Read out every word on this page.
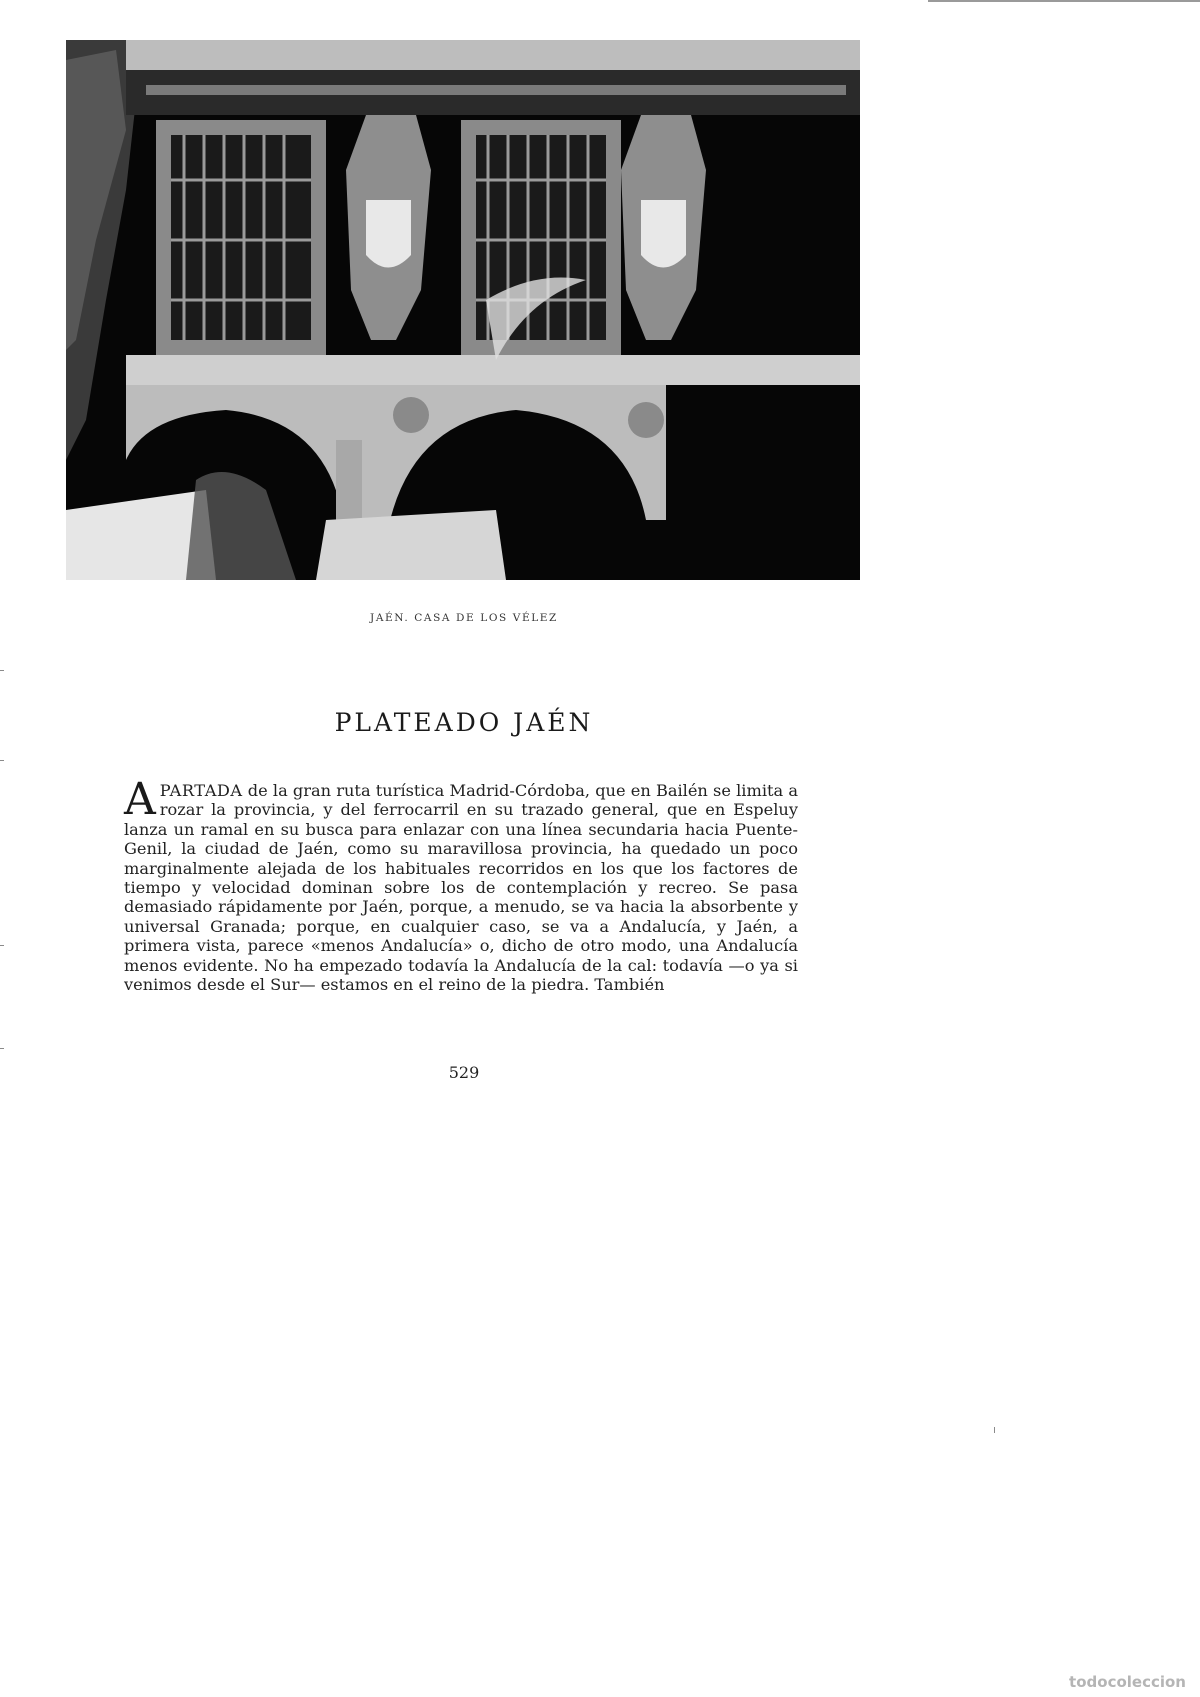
JAÉN. CASA DE LOS VÉLEZ
PLATEADO JAÉN

APARTADA de la gran ruta turística Madrid-Córdoba, que en Bailén se limita a rozar la provincia, y del ferrocarril en su trazado general, que en Espeluy lanza un ramal en su busca para enlazar con una línea secundaria hacia Puente-Genil, la ciudad de Jaén, como su maravillosa provincia, ha quedado un poco marginalmente alejada de los habituales recorridos en los que los factores de tiempo y velocidad dominan sobre los de contemplación y recreo. Se pasa demasiado rápidamente por Jaén, porque, a menudo, se va hacia la absorbente y universal Granada; porque, en cualquier caso, se va a Andalucía, y Jaén, a primera vista, parece «menos Andalucía» o, dicho de otro modo, una Andalucía menos evidente. No ha empezado todavía la Andalucía de la cal: todavía —o ya si venimos desde el Sur— estamos en el reino de la piedra. También

529
todocoleccion
